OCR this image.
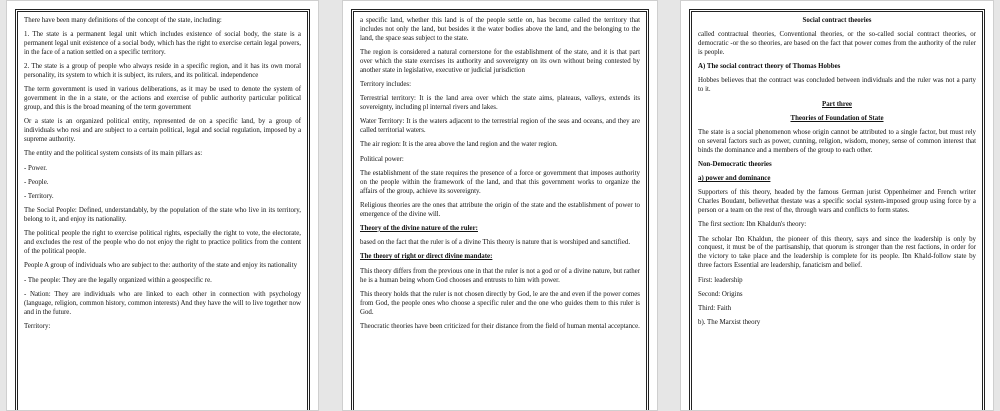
There have been many definitions of the concept of the state, including:

1. The state is a permanent legal unit which includes existence of social body, the state is a permanent legal unit existence of a social body, which has the right to exercise certain legal powers, in the face of a nation settled on a specific territory.

2. The state is a group of people who always reside in a specific region, and it has its own moral personality, its system to which it is subject, its rulers, and its political. independence

The term government is used in various deliberations, as it may be used to denote the system of government in the in a state, or the actions and exercise of public authority particular political group, and this is the broad meaning of the term government

Or a state is an organized political entity, represented de on a specific land, by a group of individuals who resi and are subject to a certain political, legal and social regulation, imposed by a supreme authority.

The entity and the political system consists of its main pillars as:

- Power.

- People.

- Territory.

The Social People: Defined, understandably, by the population of the state who live in its territory, belong to it, and enjoy its nationality.

The political people the right to exercise political rights, especially the right to vote, the electorate, and excludes the rest of the people who do not enjoy the right to practice politics from the content of the political people.

People A group of individuals who are subject to the: authority of the state and enjoy its nationality

- The people: They are the legally organized within a geospecific re.

- Nation: They are individuals who are linked to each other in connection with psychology (language, religion, common history, common interests) And they have the will to live together now and in the future.

Territory:

a specific land, whether this land is of the people settle on, has become called the territory that includes not only the land, but besides it the water bodies above the land, and the belonging to the land, the space seas subject to the state.

The region is considered a natural cornerstone for the establishment of the state, and it is that part over which the state exercises its authority and sovereignty on its own without being contested by another state in legislative, executive or judicial jurisdiction

Territory includes:

Terrestrial territory: It is the land area over which the state aims, plateaus, valleys, extends its sovereignty, including pl internal rivers and lakes.

Water Territory: It is the waters adjacent to the terrestrial region of the seas and oceans, and they are called territorial waters.

The air region: It is the area above the land region and the water region.

Political power:

The establishment of the state requires the presence of a force or government that imposes authority on the people within the framework of the land, and that this government works to organize the affairs of the group, achieve its sovereignty.

Religious theories are the ones that attribute the origin of the state and the establishment of power to emergence of the divine will.

Theory of the divine nature of the ruler:

based on the fact that the ruler is of a divine This theory is nature that is worshiped and sanctified.

The theory of right or direct divine mandate:

This theory differs from the previous one in that the ruler is not a god or of a divine nature, but rather he is a human being whom God chooses and entrusts to him with power.

This theory holds that the ruler is not chosen directly by God, le are the and even if the power comes from God, the people ones who choose a specific ruler and the one who guides them to this ruler is God.

Theocratic theories have been criticized for their distance from the field of human mental acceptance.

Social contract theories

called contractual theories, Conventional theories, or the so-called social contract theories, or democratic -or the so theories, are based on the fact that power comes from the authority of the ruler is people.

A) The social contract theory of Thomas Hobbes

Hobbes believes that the contract was concluded between individuals and the ruler was not a party to it.

Part three

Theories of Foundation of State

The state is a social phenomenon whose origin cannot be attributed to a single factor, but must rely on several factors such as power, cunning, religion, wisdom, money, sense of common interest that binds the dominance and a members of the group to each other.

Non-Democratic theories

a) power and dominance

Supporters of this theory, headed by the famous German jurist Oppenheimer and French writer Charles Boudant, believethat thestate was a specific social system-imposed group using force by a person or a team on the rest of the, through wars and conflicts to form states.

The first section: Ibn Khaldun's theory:

The scholar Ibn Khaldun, the pioneer of this theory, says and since the leadership is only by conquest, it must be of the partisanship, that quorum is stronger than the rest factions, in order for the victory to take place and the leadership is complete for its people. Ibn Khald-follow state by three factors Essential are leadership, fanaticism and belief.

First: leadership

Second: Origins

Third: Faith

b). The Marxist theory
